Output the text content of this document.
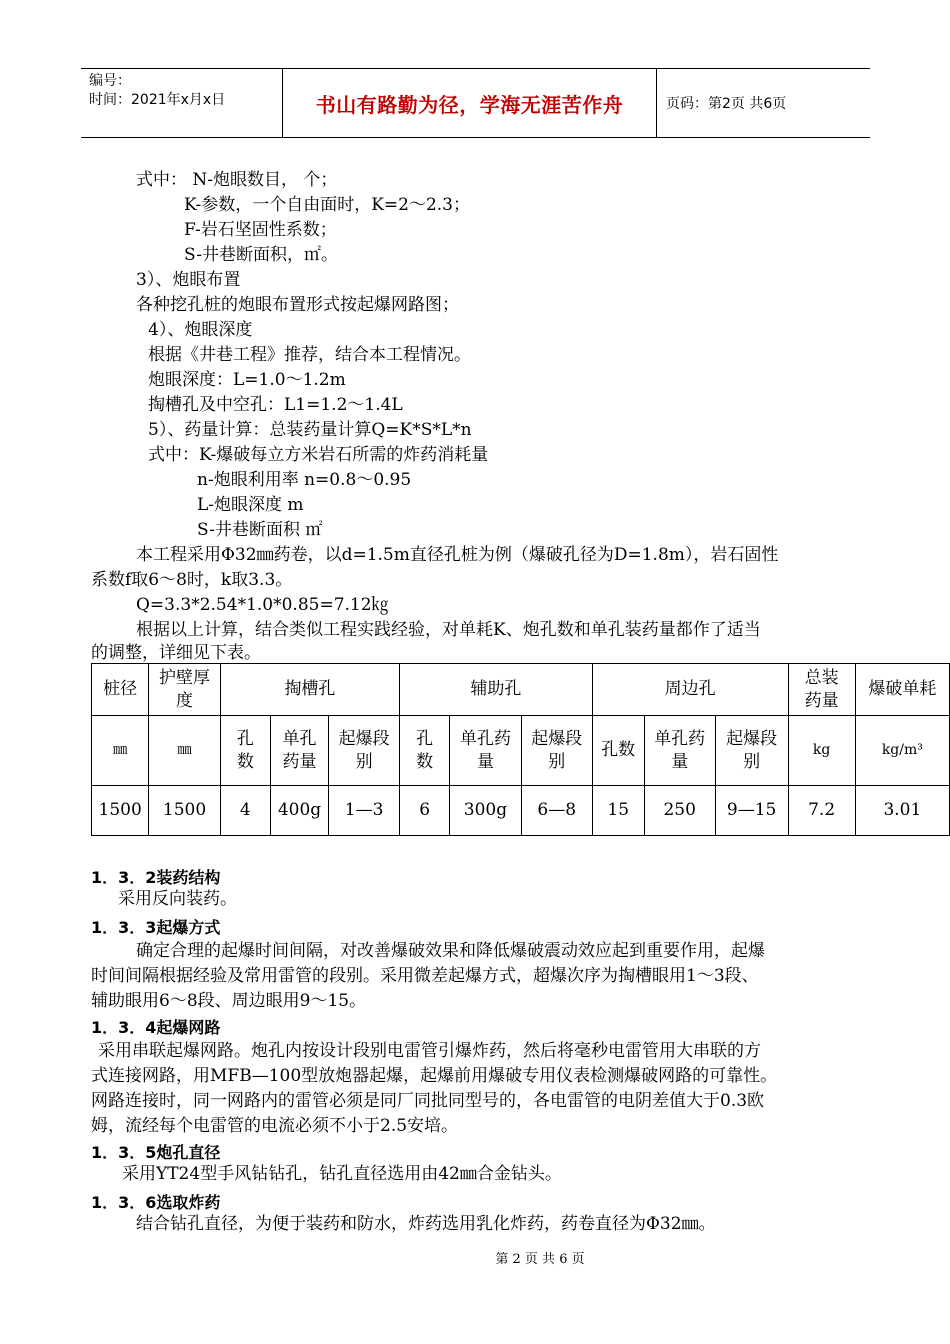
编号：
时间：2021年x月x日	书山有路勤为径，学海无涯苦作舟	页码：第2页 共6页
式中： N-炮眼数目， 个；
K-参数，一个自由面时，K=2～2.3；
F-岩石坚固性系数；
S-井巷断面积，㎡。
3）、炮眼布置
各种挖孔桩的炮眼布置形式按起爆网路图；
4）、炮眼深度
根据《井巷工程》推荐，结合本工程情况。
炮眼深度：L=1.0～1.2m
掏槽孔及中空孔：L1=1.2～1.4L
5）、药量计算：总装药量计算Q=K*S*L*n
式中：K-爆破每立方米岩石所需的炸药消耗量
n-炮眼利用率 n=0.8～0.95
L-炮眼深度 m
S-井巷断面积 ㎡
本工程采用Φ32㎜药卷，以d=1.5m直径孔桩为例（爆破孔径为D=1.8m），岩石固性
系数f取6～8时，k取3.3。
Q=3.3*2.54*1.0*0.85=7.12㎏
根据以上计算，结合类似工程实践经验，对单耗K、炮孔数和单孔装药量都作了适当
的调整，详细见下表。
桩径	护壁厚度	掏槽孔			辅助孔			周边孔			总装药量	爆破单耗
㎜	㎜	孔数	单孔药量	起爆段别	孔数	单孔药量	起爆段别	孔数	单孔药量	起爆段别	kg	kg/m³
1500	1500	4	400g	1—3	6	300g	6—8	15	250	9—15	7.2	3.01
1．3．2装药结构
采用反向装药。
1．3．3起爆方式
确定合理的起爆时间间隔，对改善爆破效果和降低爆破震动效应起到重要作用，起爆
时间间隔根据经验及常用雷管的段别。采用微差起爆方式，超爆次序为掏槽眼用1～3段、
辅助眼用6～8段、周边眼用9～15。
1．3．4起爆网路
采用串联起爆网路。炮孔内按设计段别电雷管引爆炸药，然后将毫秒电雷管用大串联的方
式连接网路，用MFB—100型放炮器起爆，起爆前用爆破专用仪表检测爆破网路的可靠性。
网路连接时，同一网路内的雷管必须是同厂同批同型号的，各电雷管的电阴差值大于0.3欧
姆，流经每个电雷管的电流必须不小于2.5安培。
1．3．5炮孔直径
采用YT24型手风钻钻孔，钻孔直径选用由42㎜合金钻头。
1．3．6选取炸药
结合钻孔直径，为便于装药和防水，炸药选用乳化炸药，药卷直径为Φ32㎜。
第 2 页 共 6 页
